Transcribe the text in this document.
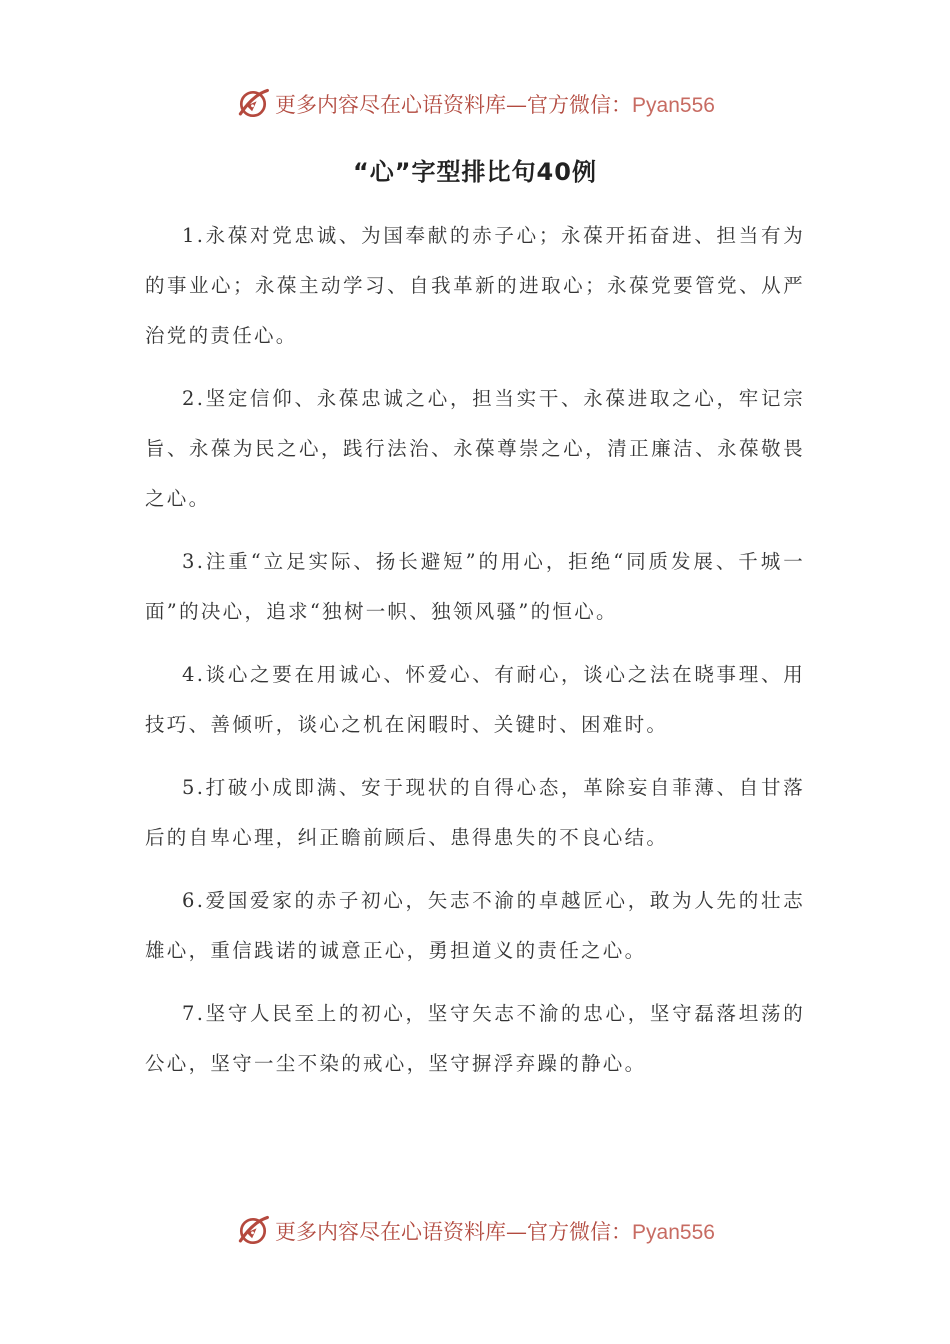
更多内容尽在心语资料库—官方微信：Pyan556
“心”字型排比句40例

1.永葆对党忠诚、为国奉献的赤子心；永葆开拓奋进、担当有为的事业心；永葆主动学习、自我革新的进取心；永葆党要管党、从严治党的责任心。

2.坚定信仰、永葆忠诚之心，担当实干、永葆进取之心，牢记宗旨、永葆为民之心，践行法治、永葆尊崇之心，清正廉洁、永葆敬畏之心。

3.注重“立足实际、扬长避短”的用心，拒绝“同质发展、千城一面”的决心，追求“独树一帜、独领风骚”的恒心。

4.谈心之要在用诚心、怀爱心、有耐心，谈心之法在晓事理、用技巧、善倾听，谈心之机在闲暇时、关键时、困难时。

5.打破小成即满、安于现状的自得心态，革除妄自菲薄、自甘落后的自卑心理，纠正瞻前顾后、患得患失的不良心结。

6.爱国爱家的赤子初心，矢志不渝的卓越匠心，敢为人先的壮志雄心，重信践诺的诚意正心，勇担道义的责任之心。

7.坚守人民至上的初心，坚守矢志不渝的忠心，坚守磊落坦荡的公心，坚守一尘不染的戒心，坚守摒浮弃躁的静心。

更多内容尽在心语资料库—官方微信：Pyan556
